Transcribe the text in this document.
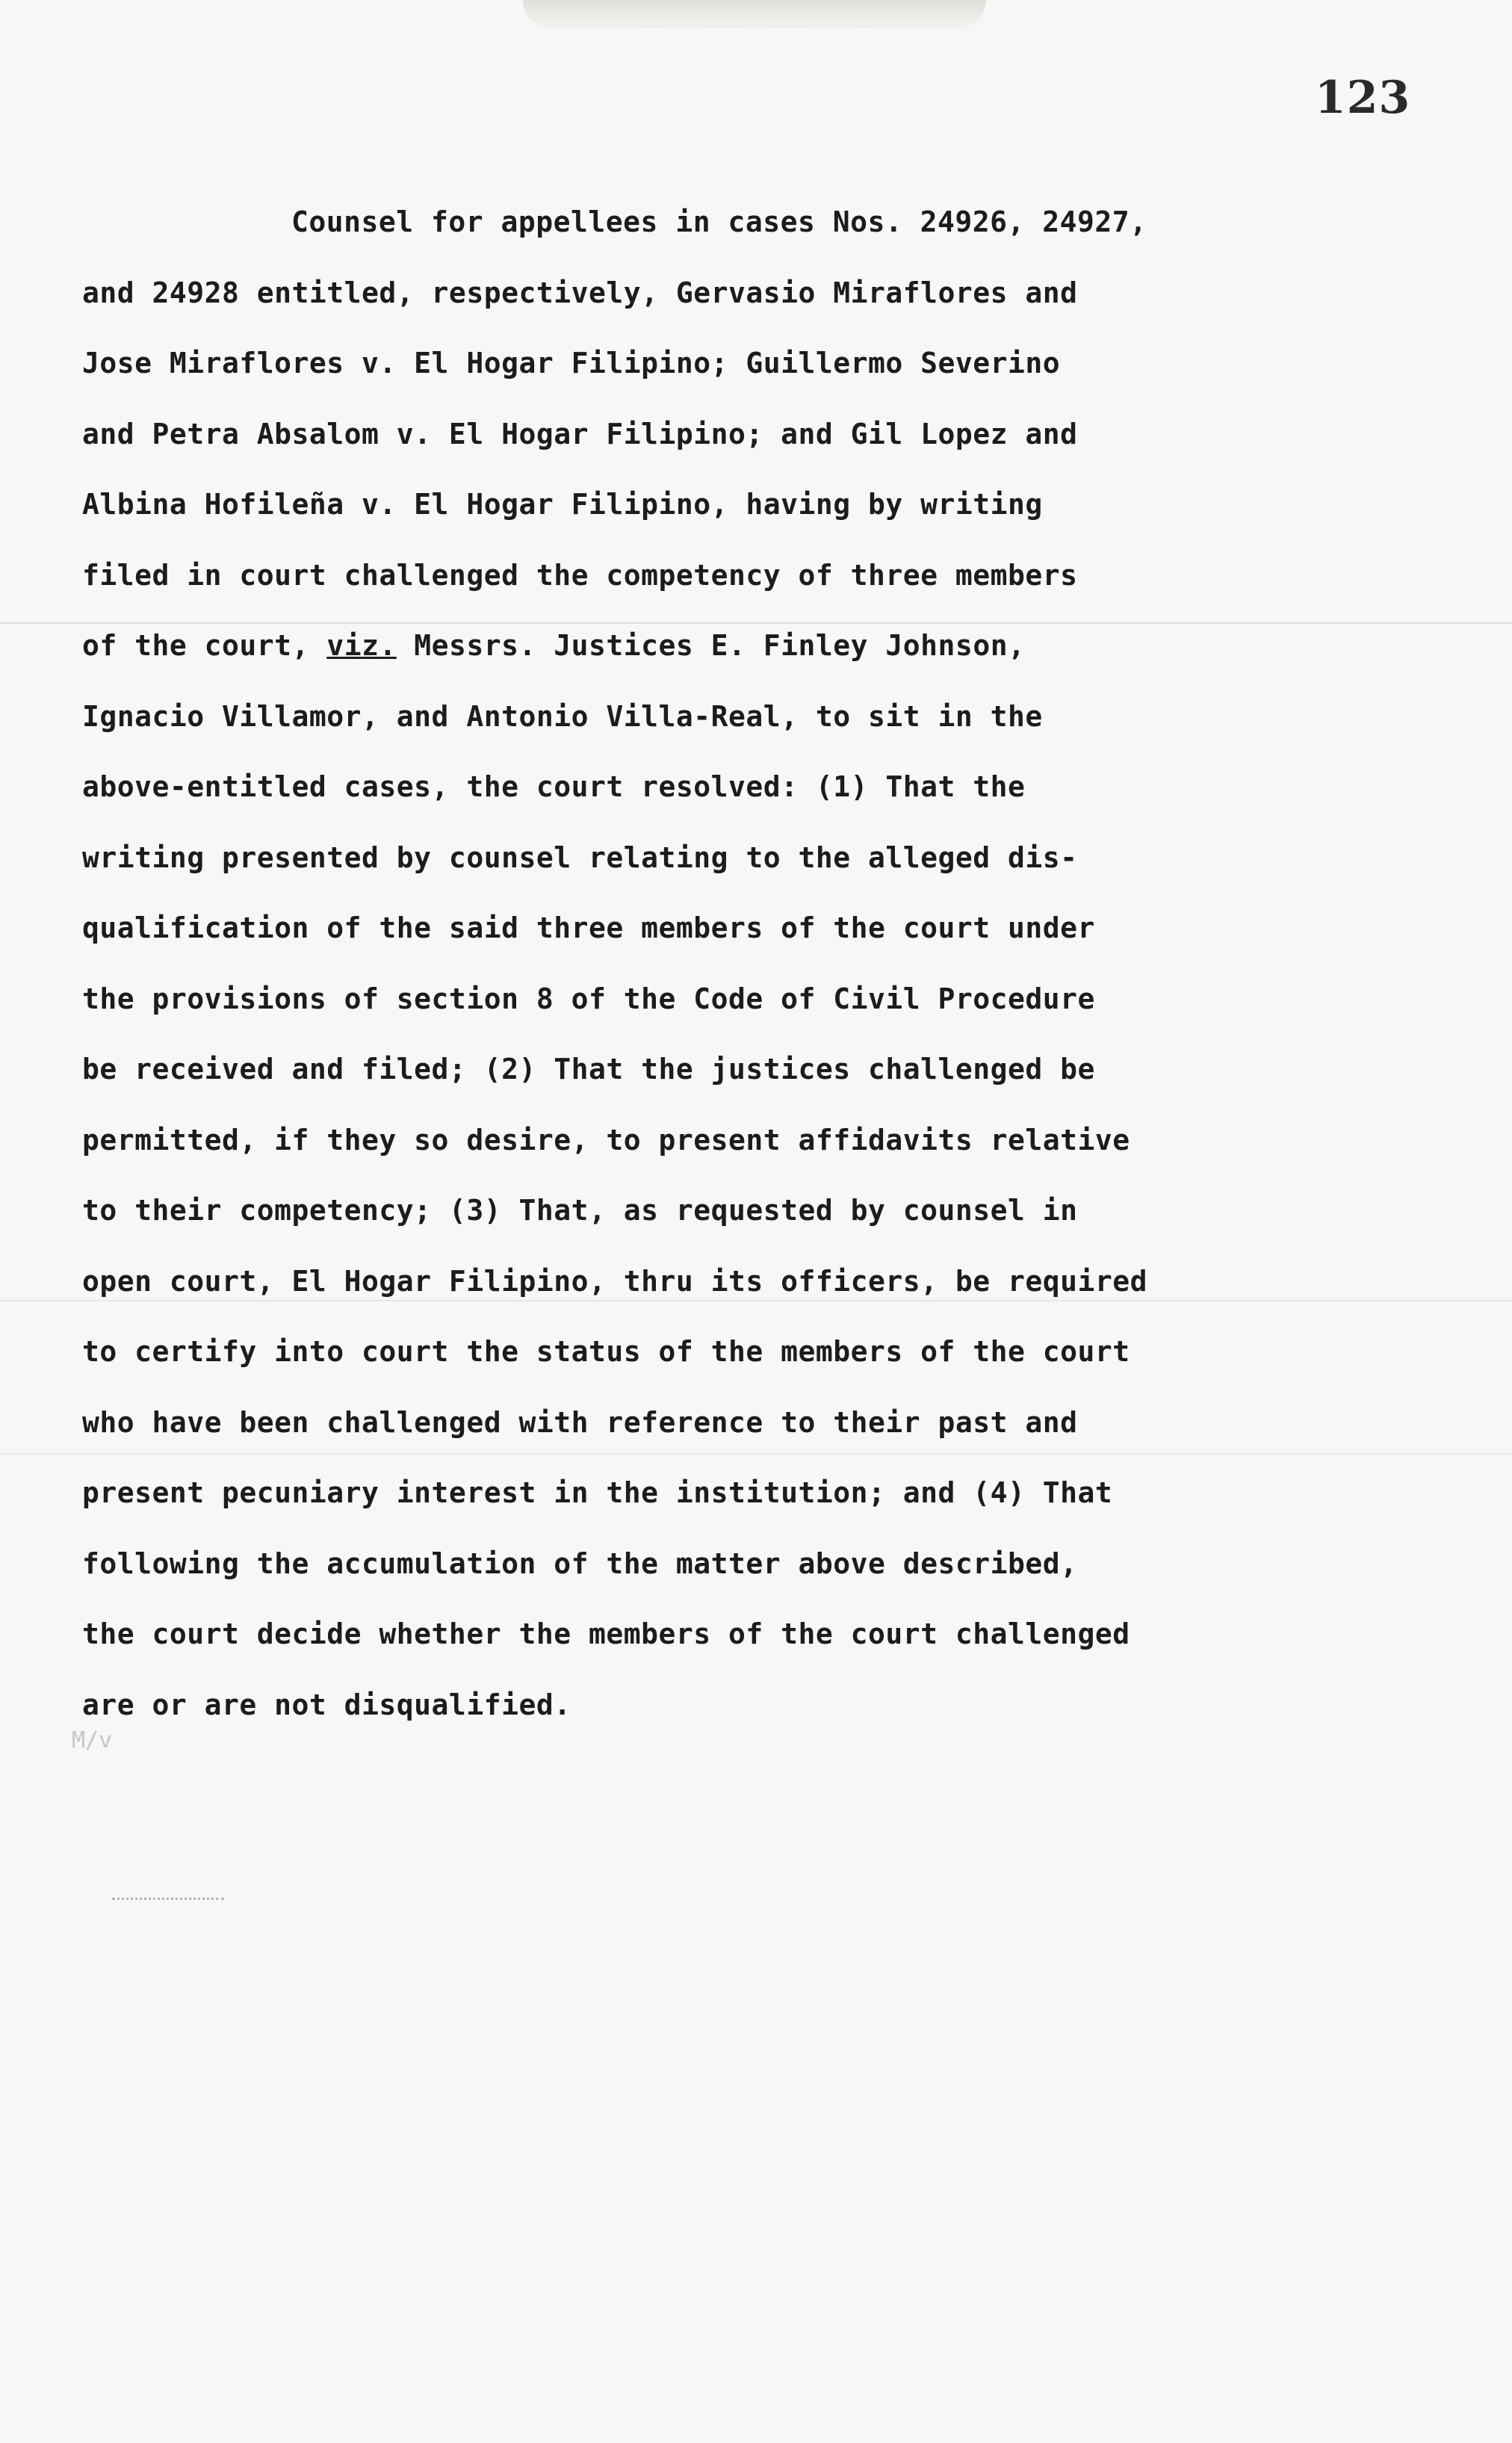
123
Counsel for appellees in cases Nos. 24926, 24927,
and 24928 entitled, respectively, Gervasio Miraflores and
Jose Miraflores v. El Hogar Filipino; Guillermo Severino
and Petra Absalom v. El Hogar Filipino; and Gil Lopez and
Albina Hofileña v. El Hogar Filipino, having by writing
filed in court challenged the competency of three members
of the court, viz. Messrs. Justices E. Finley Johnson,
Ignacio Villamor, and Antonio Villa-Real, to sit in the
above-entitled cases, the court resolved: (1) That the
writing presented by counsel relating to the alleged dis-
qualification of the said three members of the court under
the provisions of section 8 of the Code of Civil Procedure
be received and filed; (2) That the justices challenged be
permitted, if they so desire, to present affidavits relative
to their competency; (3) That, as requested by counsel in
open court, El Hogar Filipino, thru its officers, be required
to certify into court the status of the members of the court
who have been challenged with reference to their past and
present pecuniary interest in the institution; and (4) That
following the accumulation of the matter above described,
the court decide whether the members of the court challenged
are or are not disqualified.
M/v
